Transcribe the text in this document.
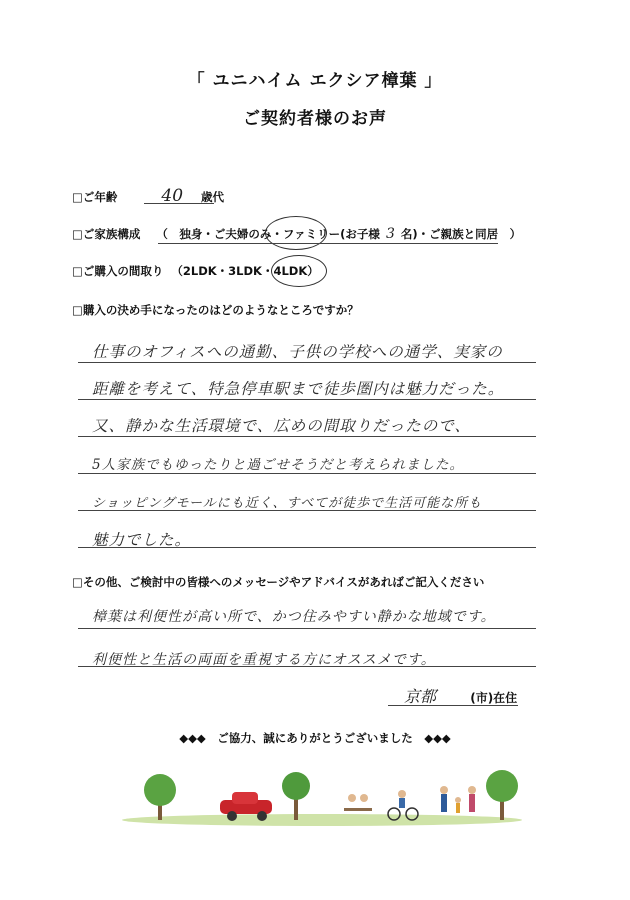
「 ユニハイム エクシア樟葉 」
ご契約者様のお声
□ご年齢	40 歳代
□ご家族構成 （　独身・ご夫婦のみ・ファミリー(お子様 3 名)・ご親族と同居　）
□ご購入の間取り （2LDK・3LDK・4LDK）
□購入の決め手になったのはどのようなところですか？
仕事のオフィスへの通勤、子供の学校への通学、実家の
距離を考えて、特急停車駅まで徒歩圏内は魅力だった。
又、静かな生活環境で、広めの間取りだったので、
5人家族でもゆったりと過ごせそうだと考えられました。
ショッピングモールにも近く、すべてが徒歩で生活可能な所も
魅力でした。
□その他、ご検討中の皆様へのメッセージやアドバイスがあればご記入ください
樟葉は利便性が高い所で、かつ住みやすい静かな地域です。
利便性と生活の両面を重視する方にオススメです。
京都	(市)在住
◆◆◆　ご協力、誠にありがとうございました　◆◆◆
